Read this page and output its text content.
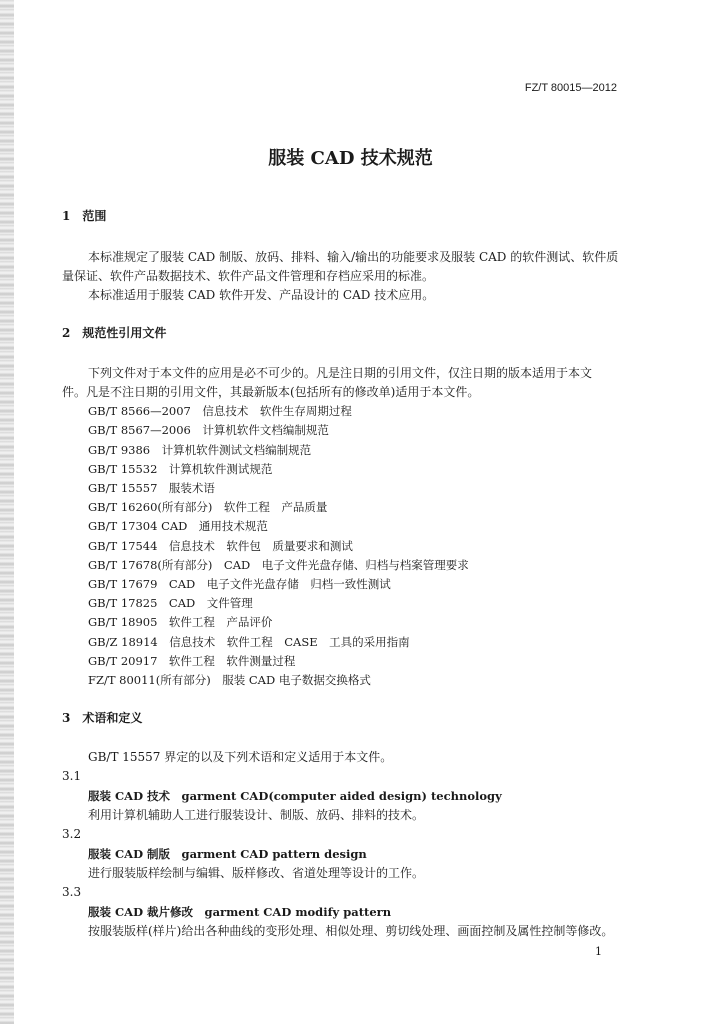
FZ/T 80015—2012
服装 CAD 技术规范
1　范围
本标准规定了服装 CAD 制版、放码、排料、输入/输出的功能要求及服装 CAD 的软件测试、软件质
量保证、软件产品数据技术、软件产品文件管理和存档应采用的标准。
本标准适用于服装 CAD 软件开发、产品设计的 CAD 技术应用。
2　规范性引用文件
下列文件对于本文件的应用是必不可少的。凡是注日期的引用文件，仅注日期的版本适用于本文
件。凡是不注日期的引用文件，其最新版本(包括所有的修改单)适用于本文件。
GB/T 8566—2007　信息技术　软件生存周期过程
GB/T 8567—2006　计算机软件文档编制规范
GB/T 9386　计算机软件测试文档编制规范
GB/T 15532　计算机软件测试规范
GB/T 15557　服装术语
GB/T 16260(所有部分)　软件工程　产品质量
GB/T 17304 CAD　通用技术规范
GB/T 17544　信息技术　软件包　质量要求和测试
GB/T 17678(所有部分)　CAD　电子文件光盘存储、归档与档案管理要求
GB/T 17679　CAD　电子文件光盘存储　归档一致性测试
GB/T 17825　CAD　文件管理
GB/T 18905　软件工程　产品评价
GB/Z 18914　信息技术　软件工程　CASE　工具的采用指南
GB/T 20917　软件工程　软件测量过程
FZ/T 80011(所有部分)　服装 CAD 电子数据交换格式
3　术语和定义
GB/T 15557 界定的以及下列术语和定义适用于本文件。
3.1
服装 CAD 技术　garment CAD(computer aided design) technology
利用计算机辅助人工进行服装设计、制版、放码、排料的技术。
3.2
服装 CAD 制版　garment CAD pattern design
进行服装版样绘制与编辑、版样修改、省道处理等设计的工作。
3.3
服装 CAD 裁片修改　garment CAD modify pattern
按服装版样(样片)给出各种曲线的变形处理、相似处理、剪切线处理、画面控制及属性控制等修改。
1
